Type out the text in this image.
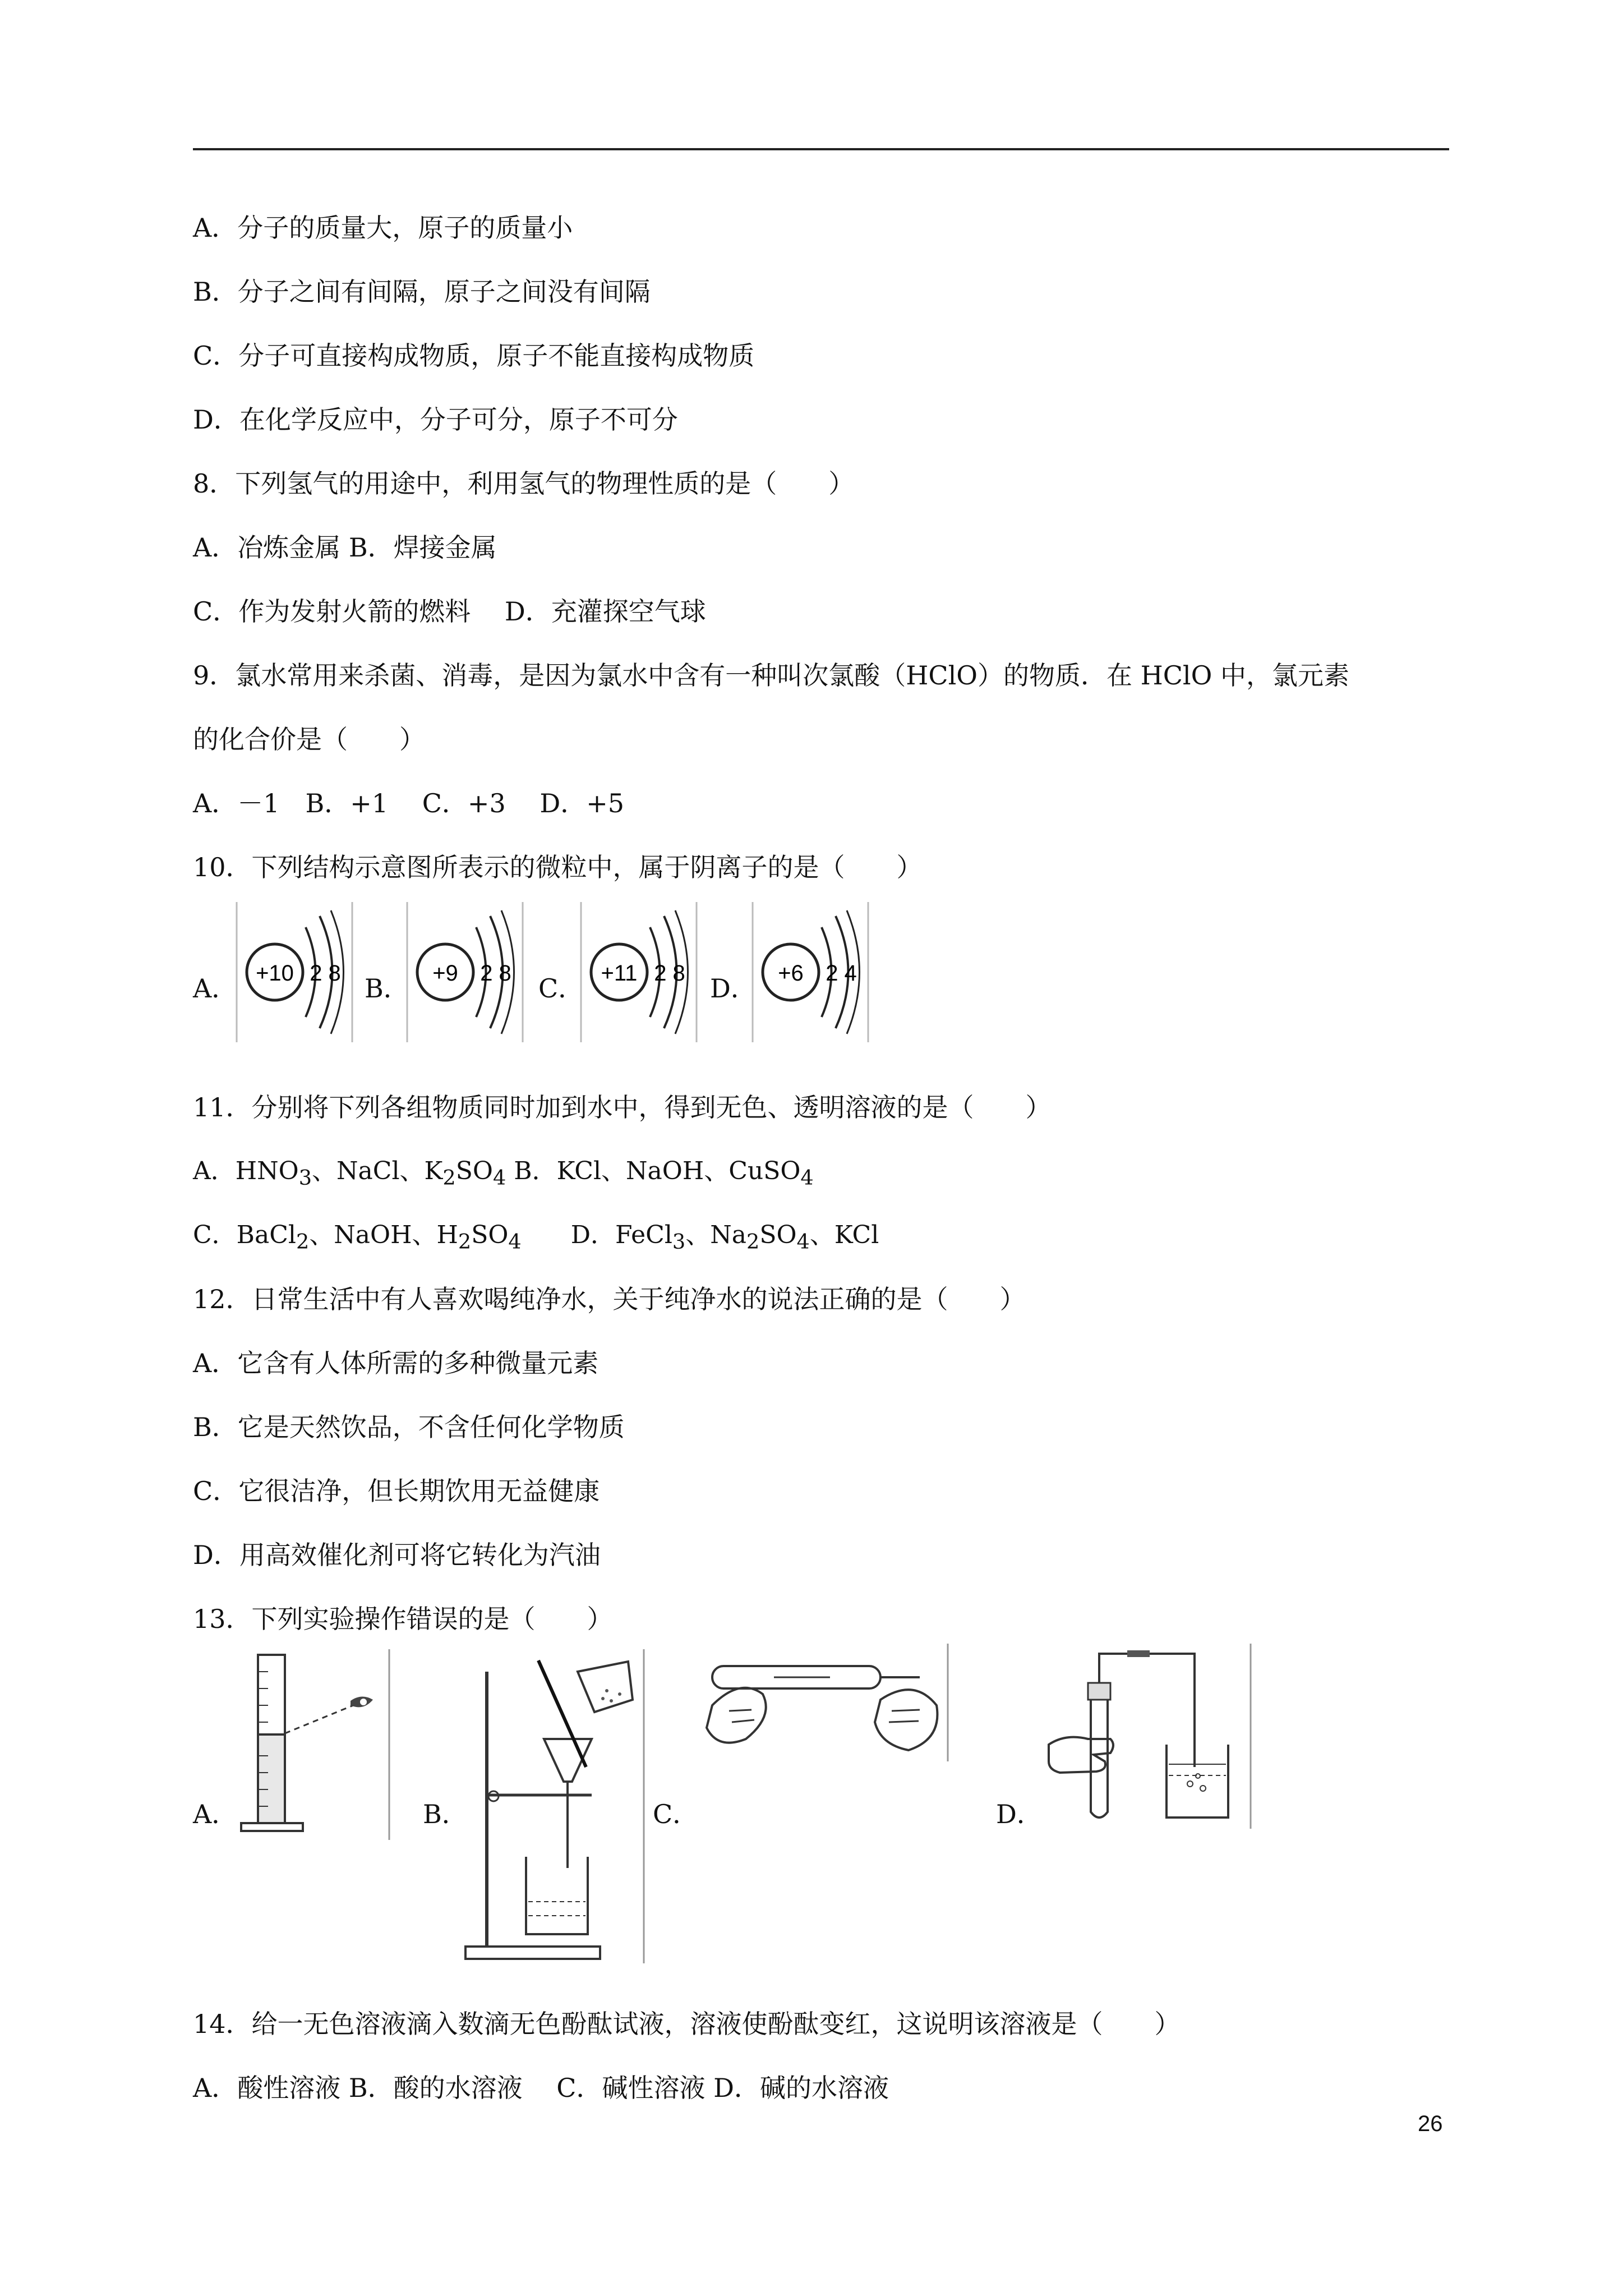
A．分子的质量大，原子的质量小
B．分子之间有间隔，原子之间没有间隔
C．分子可直接构成物质，原子不能直接构成物质
D．在化学反应中，分子可分，原子不可分
8．下列氢气的用途中，利用氢气的物理性质的是（　　）
A．冶炼金属 B．焊接金属
C．作为发射火箭的燃料　 D．充灌探空气球
9．氯水常用来杀菌、消毒，是因为氯水中含有一种叫次氯酸（HClO）的物质．在 HClO 中，氯元素
的化合价是（　　）
A．－1　B．+1　 C．+3　 D．+5
10．下列结构示意图所表示的微粒中，属于阴离子的是（　　）
A．	B．	C．	D．
+10 2 8	+9 2 8	+11 2 8	+6 2 4
11．分别将下列各组物质同时加到水中，得到无色、透明溶液的是（　　）
A．$HNO_3$、NaCl、$K_2SO_4$ B．KCl、NaOH、CuSO$_4$
C．BaCl$_2$、NaOH、$H_2SO_4$　　D．FeCl$_3$、$Na_2SO_4$、KCl
12．日常生活中有人喜欢喝纯净水，关于纯净水的说法正确的是（　　）
A．它含有人体所需的多种微量元素
B．它是天然饮品，不含任何化学物质
C．它很洁净，但长期饮用无益健康
D．用高效催化剂可将它转化为汽油
13．下列实验操作错误的是（　　）
A．	B．	C．	D．
14．给一无色溶液滴入数滴无色酚酞试液，溶液使酚酞变红，这说明该溶液是（　　）
A．酸性溶液 B．酸的水溶液　 C．碱性溶液 D．碱的水溶液
26
